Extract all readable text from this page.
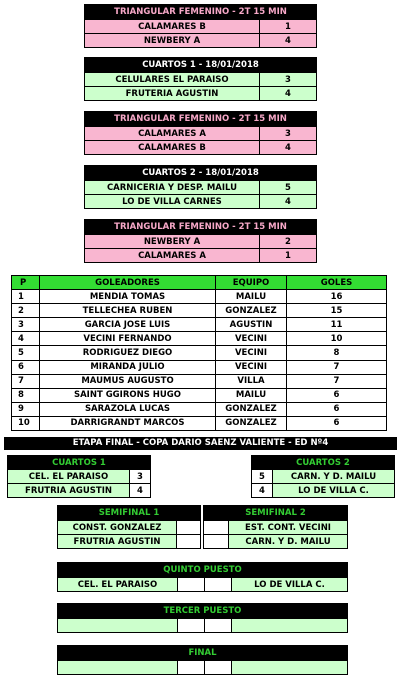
TRIANGULAR FEMENINO - 2T 15 MIN
CALAMARES B	1
NEWBERY A	4
CUARTOS 1 - 18/01/2018
CELULARES EL PARAISO	3
FRUTERIA AGUSTIN	4
TRIANGULAR FEMENINO - 2T 15 MIN
CALAMARES A	3
CALAMARES B	4
CUARTOS 2 - 18/01/2018
CARNICERIA Y DESP. MAILU	5
LO DE VILLA CARNES	4
TRIANGULAR FEMENINO - 2T 15 MIN
NEWBERY A	2
CALAMARES A	1
P	GOLEADORES	EQUIPO	GOLES
1	MENDIA TOMAS	MAILU	16
2	TELLECHEA RUBEN	GONZALEZ	15
3	GARCIA JOSE LUIS	AGUSTIN	11
4	VECINI FERNANDO	VECINI	10
5	RODRIGUEZ DIEGO	VECINI	8
6	MIRANDA JULIO	VECINI	7
7	MAUMUS AUGUSTO	VILLA	7
8	SAINT GGIRONS HUGO	MAILU	6
9	SARAZOLA LUCAS	GONZALEZ	6
10	DARRIGRANDT MARCOS	GONZALEZ	6
ETAPA FINAL - COPA DARIO SAENZ VALIENTE - ED Nº4
CUARTOS 1
CEL. EL PARAISO	3
FRUTRIA AGUSTIN	4
CUARTOS 2
5	CARN. Y D. MAILU
4	LO DE VILLA C.
SEMIFINAL 1
CONST. GONZALEZ
FRUTRIA AGUSTIN
SEMIFINAL 2
EST. CONT. VECINI
CARN. Y D. MAILU
QUINTO PUESTO
CEL. EL PARAISO	LO DE VILLA C.
TERCER PUESTO
FINAL
